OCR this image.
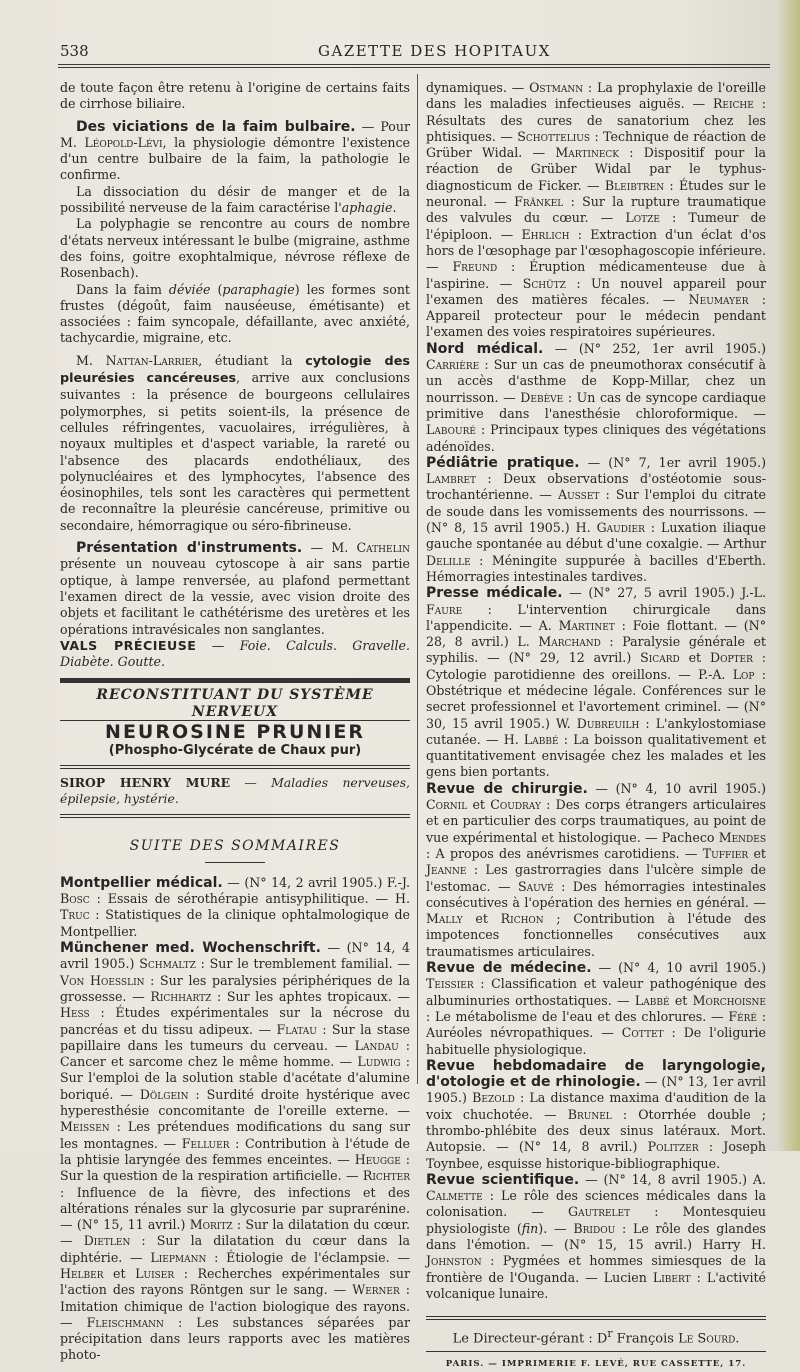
538	GAZETTE DES HOPITAUX

de toute façon être retenu à l'origine de certains faits de cirrhose biliaire.

Des viciations de la faim bulbaire. — Pour M. Léopold-Lévi, la physiologie démontre l'existence d'un centre bulbaire de la faim, la pathologie le confirme.

La dissociation du désir de manger et de la possibilité nerveuse de la faim caractérise l'aphagie.

La polyphagie se rencontre au cours de nombre d'états nerveux intéressant le bulbe (migraine, asthme des foins, goitre exophtalmique, névrose réflexe de Rosenbach).

Dans la faim déviée (paraphagie) les formes sont frustes (dégoût, faim nauséeuse, émétisante) et associées : faim syncopale, défaillante, avec anxiété, tachycardie, migraine, etc.

M. Nattan-Larrier, étudiant la cytologie des pleurésies cancéreuses, arrive aux conclusions suivantes : la présence de bourgeons cellulaires polymorphes, si petits soient-ils, la présence de cellules réfringentes, vacuolaires, irrégulières, à noyaux multiples et d'aspect variable, la rareté ou l'absence des placards endothéliaux, des polynucléaires et des lymphocytes, l'absence des éosinophiles, tels sont les caractères qui permettent de reconnaître la pleurésie cancéreuse, primitive ou secondaire, hémorragique ou séro-fibrineuse.

Présentation d'instruments. — M. Cathelin présente un nouveau cytoscope à air sans partie optique, à lampe renversée, au plafond permettant l'examen direct de la vessie, avec vision droite des objets et facilitant le cathétérisme des uretères et les opérations intravésicales non sanglantes.

VALS PRÉCIEUSE — Foie. Calculs. Gravelle. Diabète. Goutte.

RECONSTITUANT DU SYSTÈME NERVEUX
NEUROSINE PRUNIER
(Phospho-Glycérate de Chaux pur)

SIROP HENRY MURE — Maladies nerveuses, épilepsie, hystérie.

SUITE DES SOMMAIRES

Montpellier médical. — (N° 14, 2 avril 1905.) F.-J. Bosc : Essais de sérothérapie antisyphilitique. — H. Truc : Statistiques de la clinique ophtalmologique de Montpellier.

Münchener med. Wochenschrift. — (N° 14, 4 avril 1905.) Schmaltz : Sur le tremblement familial. — Von Hoesslin : Sur les paralysies périphériques de la grossesse. — Richhartz : Sur les aphtes tropicaux. — Hess : Études expérimentales sur la nécrose du pancréas et du tissu adipeux. — Flatau : Sur la stase papillaire dans les tumeurs du cerveau. — Landau : Cancer et sarcome chez le même homme. — Ludwig : Sur l'emploi de la solution stable d'acétate d'alumine boriqué. — Dölgein : Surdité droite hystérique avec hyperesthésie concomitante de l'oreille externe. — Meissen : Les prétendues modifications du sang sur les montagnes. — Felluer : Contribution à l'étude de la phtisie laryngée des femmes enceintes. — Heugge : Sur la question de la respiration artificielle. — Richter : Influence de la fièvre, des infections et des altérations rénales sur la glycosurie par suprarénine. — (N° 15, 11 avril.) Moritz : Sur la dilatation du cœur. — Dietlen : Sur la dilatation du cœur dans la diphtérie. — Liepmann : Étiologie de l'éclampsie. — Helber et Luiser : Recherches expérimentales sur l'action des rayons Röntgen sur le sang. — Werner : Imitation chimique de l'action biologique des rayons. — Fleischmann : Les substances séparées par précipitation dans leurs rapports avec les matières photo-

dynamiques. — Ostmann : La prophylaxie de l'oreille dans les maladies infectieuses aiguës. — Reiche : Résultats des cures de sanatorium chez les phtisiques. — Schottelius : Technique de réaction de Grüber Widal. — Martineck : Dispositif pour la réaction de Grüber Widal par le typhus-diagnosticum de Ficker. — Bleibtren : Études sur le neuronal. — Fränkel : Sur la rupture traumatique des valvules du cœur. — Lotze : Tumeur de l'épiploon. — Ehrlich : Extraction d'un éclat d'os hors de l'œsophage par l'œsophagoscopie inférieure. — Freund : Éruption médicamenteuse due à l'aspirine. — Schütz : Un nouvel appareil pour l'examen des matières fécales. — Neumayer : Appareil protecteur pour le médecin pendant l'examen des voies respiratoires supérieures.

Nord médical. — (N° 252, 1er avril 1905.) Carrière : Sur un cas de pneumothorax consécutif à un accès d'asthme de Kopp-Millar, chez un nourrisson. — Debève : Un cas de syncope cardiaque primitive dans l'anesthésie chloroformique. — Labouré : Principaux types cliniques des végétations adénoïdes.

Pédiâtrie pratique. — (N° 7, 1er avril 1905.) Lambret : Deux observations d'ostéotomie sous-trochantérienne. — Ausset : Sur l'emploi du citrate de soude dans les vomissements des nourrissons. — (N° 8, 15 avril 1905.) H. Gaudier : Luxation iliaque gauche spontanée au début d'une coxalgie. — Arthur Delille : Méningite suppurée à bacilles d'Eberth. Hémorragies intestinales tardives.

Presse médicale. — (N° 27, 5 avril 1905.) J.-L. Faure : L'intervention chirurgicale dans l'appendicite. — A. Martinet : Foie flottant. — (N° 28, 8 avril.) L. Marchand : Paralysie générale et syphilis. — (N° 29, 12 avril.) Sicard et Dopter : Cytologie parotidienne des oreillons. — P.-A. Lop : Obstétrique et médecine légale. Conférences sur le secret professionnel et l'avortement criminel. — (N° 30, 15 avril 1905.) W. Dubreuilh : L'ankylostomiase cutanée. — H. Labbé : La boisson qualitativement et quantitativement envisagée chez les malades et les gens bien portants.

Revue de chirurgie. — (N° 4, 10 avril 1905.) Cornil et Coudray : Des corps étrangers articulaires et en particulier des corps traumatiques, au point de vue expérimental et histologique. — Pacheco Mendes : A propos des anévrismes carotidiens. — Tuffier et Jeanne : Les gastrorragies dans l'ulcère simple de l'estomac. — Sauvé : Des hémorragies intestinales consécutives à l'opération des hernies en général. — Mally et Richon ; Contribution à l'étude des impotences fonctionnelles consécutives aux traumatismes articulaires.

Revue de médecine. — (N° 4, 10 avril 1905.) Teissier : Classification et valeur pathogénique des albuminuries orthostatiques. — Labbé et Morchoisne : Le métabolisme de l'eau et des chlorures. — Féré : Auréoles névropathiques. — Cottet : De l'oligurie habituelle physiologique.

Revue hebdomadaire de laryngologie, d'otologie et de rhinologie. — (N° 13, 1er avril 1905.) Bezold : La distance maxima d'audition de la voix chuchotée. — Brunel : Otorrhée double ; thrombo-phlébite des deux sinus latéraux. Mort. Autopsie. — (N° 14, 8 avril.) Politzer : Joseph Toynbee, esquisse historique-bibliographique.

Revue scientifique. — (N° 14, 8 avril 1905.) A. Calmette : Le rôle des sciences médicales dans la colonisation. — Gautrelet : Montesquieu physiologiste (fin). — Bridou : Le rôle des glandes dans l'émotion. — (N° 15, 15 avril.) Harry H. Johnston : Pygmées et hommes simiesques de la frontière de l'Ouganda. — Lucien Libert : L'activité volcanique lunaire.

Le Directeur-gérant : $D^r$ François Le Sourd.

PARIS. — IMPRIMERIE F. LEVÉ, RUE CASSETTE, 17.
